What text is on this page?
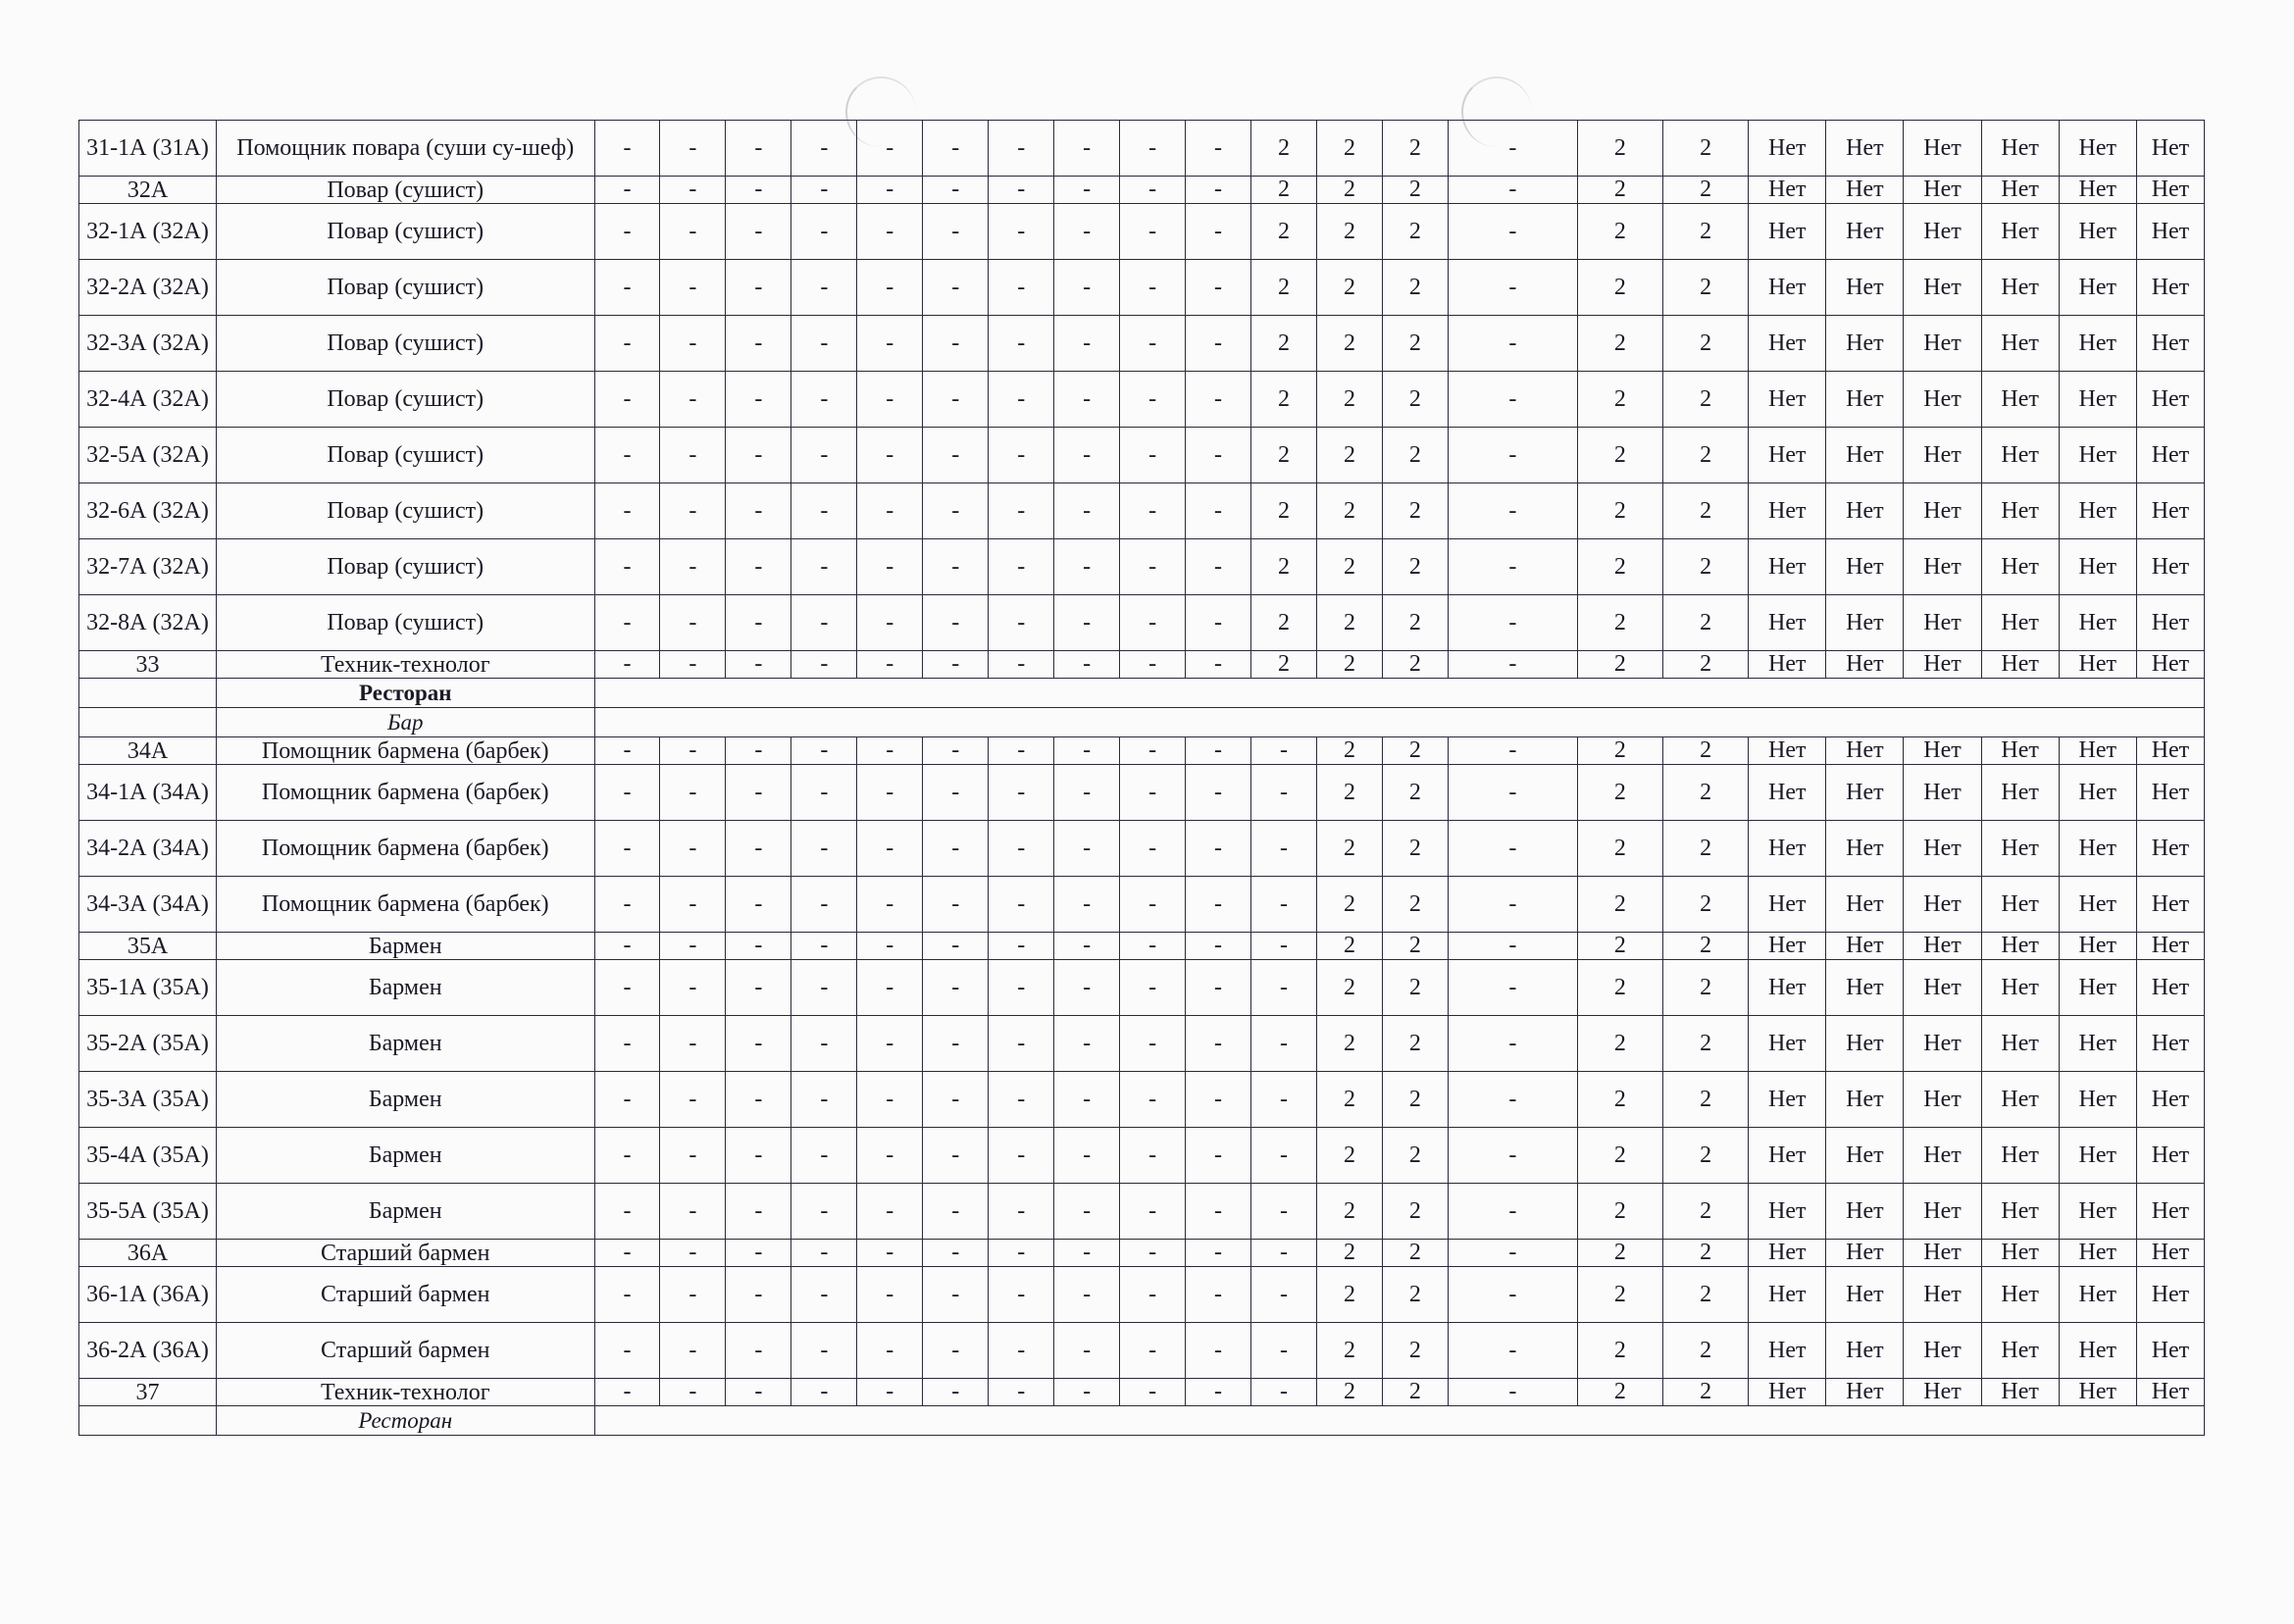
31-1А (31А)	Помощник повара (суши су-шеф)	-	-	-	-	-	-	-	-	-	-	2	2	2	-	2	2	Нет	Нет	Нет	Нет	Нет	Нет
32А	Повар (сушист)	-	-	-	-	-	-	-	-	-	-	2	2	2	-	2	2	Нет	Нет	Нет	Нет	Нет	Нет
32-1А (32А)	Повар (сушист)	-	-	-	-	-	-	-	-	-	-	2	2	2	-	2	2	Нет	Нет	Нет	Нет	Нет	Нет
32-2А (32А)	Повар (сушист)	-	-	-	-	-	-	-	-	-	-	2	2	2	-	2	2	Нет	Нет	Нет	Нет	Нет	Нет
32-3А (32А)	Повар (сушист)	-	-	-	-	-	-	-	-	-	-	2	2	2	-	2	2	Нет	Нет	Нет	Нет	Нет	Нет
32-4А (32А)	Повар (сушист)	-	-	-	-	-	-	-	-	-	-	2	2	2	-	2	2	Нет	Нет	Нет	Нет	Нет	Нет
32-5А (32А)	Повар (сушист)	-	-	-	-	-	-	-	-	-	-	2	2	2	-	2	2	Нет	Нет	Нет	Нет	Нет	Нет
32-6А (32А)	Повар (сушист)	-	-	-	-	-	-	-	-	-	-	2	2	2	-	2	2	Нет	Нет	Нет	Нет	Нет	Нет
32-7А (32А)	Повар (сушист)	-	-	-	-	-	-	-	-	-	-	2	2	2	-	2	2	Нет	Нет	Нет	Нет	Нет	Нет
32-8А (32А)	Повар (сушист)	-	-	-	-	-	-	-	-	-	-	2	2	2	-	2	2	Нет	Нет	Нет	Нет	Нет	Нет
33	Техник-технолог	-	-	-	-	-	-	-	-	-	-	2	2	2	-	2	2	Нет	Нет	Нет	Нет	Нет	Нет
	Ресторан																						
	Бар																						
34А	Помощник бармена (барбек)	-	-	-	-	-	-	-	-	-	-	-	2	2	-	2	2	Нет	Нет	Нет	Нет	Нет	Нет
34-1А (34А)	Помощник бармена (барбек)	-	-	-	-	-	-	-	-	-	-	-	2	2	-	2	2	Нет	Нет	Нет	Нет	Нет	Нет
34-2А (34А)	Помощник бармена (барбек)	-	-	-	-	-	-	-	-	-	-	-	2	2	-	2	2	Нет	Нет	Нет	Нет	Нет	Нет
34-3А (34А)	Помощник бармена (барбек)	-	-	-	-	-	-	-	-	-	-	-	2	2	-	2	2	Нет	Нет	Нет	Нет	Нет	Нет
35А	Бармен	-	-	-	-	-	-	-	-	-	-	-	2	2	-	2	2	Нет	Нет	Нет	Нет	Нет	Нет
35-1А (35А)	Бармен	-	-	-	-	-	-	-	-	-	-	-	2	2	-	2	2	Нет	Нет	Нет	Нет	Нет	Нет
35-2А (35А)	Бармен	-	-	-	-	-	-	-	-	-	-	-	2	2	-	2	2	Нет	Нет	Нет	Нет	Нет	Нет
35-3А (35А)	Бармен	-	-	-	-	-	-	-	-	-	-	-	2	2	-	2	2	Нет	Нет	Нет	Нет	Нет	Нет
35-4А (35А)	Бармен	-	-	-	-	-	-	-	-	-	-	-	2	2	-	2	2	Нет	Нет	Нет	Нет	Нет	Нет
35-5А (35А)	Бармен	-	-	-	-	-	-	-	-	-	-	-	2	2	-	2	2	Нет	Нет	Нет	Нет	Нет	Нет
36А	Старший бармен	-	-	-	-	-	-	-	-	-	-	-	2	2	-	2	2	Нет	Нет	Нет	Нет	Нет	Нет
36-1А (36А)	Старший бармен	-	-	-	-	-	-	-	-	-	-	-	2	2	-	2	2	Нет	Нет	Нет	Нет	Нет	Нет
36-2А (36А)	Старший бармен	-	-	-	-	-	-	-	-	-	-	-	2	2	-	2	2	Нет	Нет	Нет	Нет	Нет	Нет
37	Техник-технолог	-	-	-	-	-	-	-	-	-	-	-	2	2	-	2	2	Нет	Нет	Нет	Нет	Нет	Нет
	Ресторан																						
